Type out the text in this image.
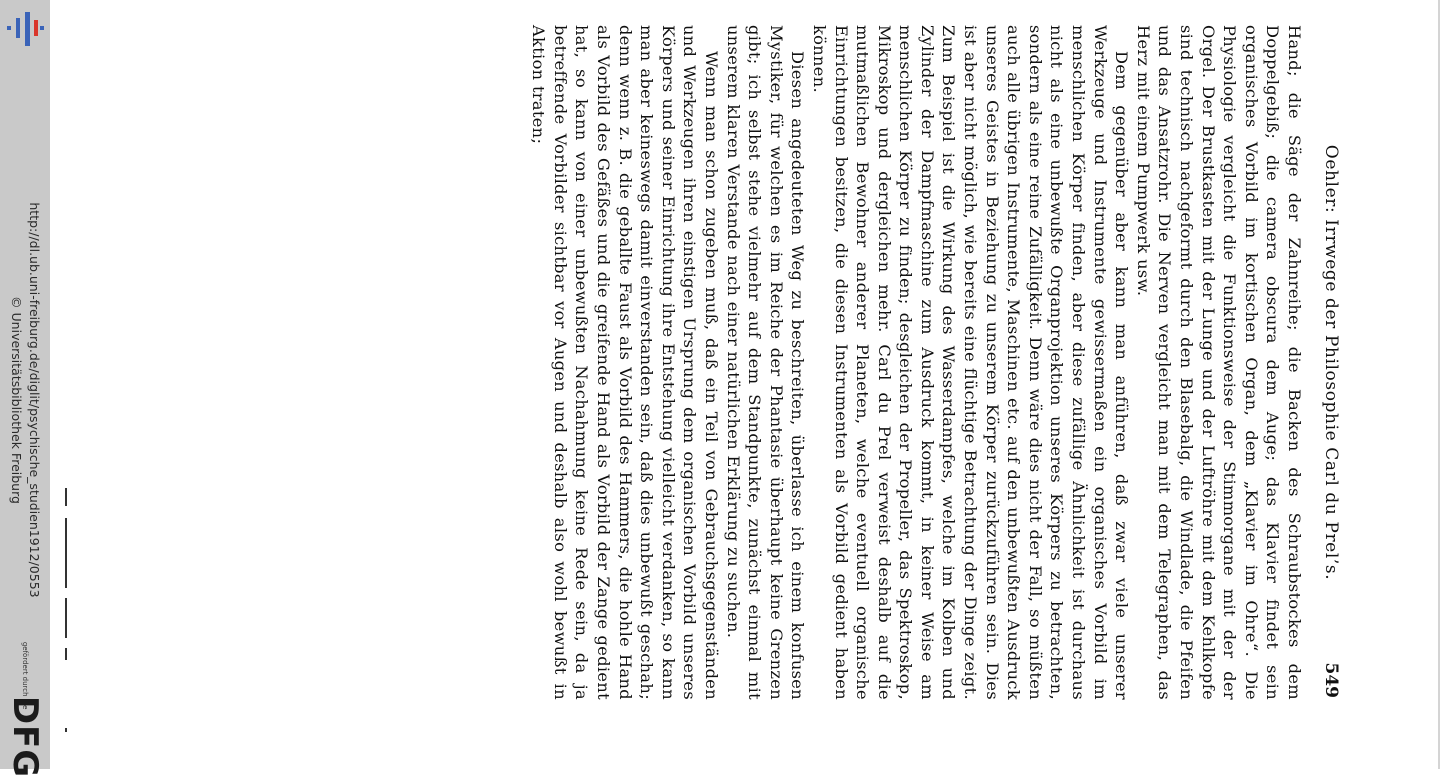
http://dl.ub.uni-freiburg.de/diglit/psychische_studien1912/0553
© Universitätsbibliothek Freiburg
gefördert durch die
DFG
Oehler: Irrwege der Philosophie Carl du Prel’s.
549

Hand; die Säge der Zahnreihe; die Backen des Schraubstockes dem Doppelgebiß; die camera obscura dem Auge; das Klavier findet sein organisches Vorbild im kortischen Organ, dem „Klavier im Ohre“. Die Physiologie vergleicht die Funktionsweise der Stimmorgane mit der der Orgel. Der Brustkasten mit der Lunge und der Luftröhre mit dem Kehlkopfe sind technisch nachgeformt durch den Blasebalg, die Windlade, die Pfeifen und das Ansatzrohr. Die Nerven vergleicht man mit dem Telegraphen, das Herz mit einem Pumpwerk usw.

Dem gegenüber aber kann man anführen, daß zwar viele unserer Werkzeuge und Instrumente gewissermaßen ein organisches Vorbild im menschlichen Körper finden, aber diese zufällige Ähnlichkeit ist durchaus nicht als eine unbewußte Organprojektion unseres Körpers zu betrachten, sondern als eine reine Zufälligkeit. Denn wäre dies nicht der Fall, so müßten auch alle übrigen Instrumente, Maschinen etc. auf den unbewußten Ausdruck unseres Geistes in Beziehung zu unserem Körper zurückzuführen sein. Dies ist aber nicht möglich, wie bereits eine flüchtige Betrachtung der Dinge zeigt. Zum Beispiel ist die Wirkung des Wasserdampfes, welche im Kolben und Zylinder der Dampfmaschine zum Ausdruck kommt, in keiner Weise am menschlichen Körper zu finden; desgleichen der Propeller, das Spektroskop, Mikroskop und dergleichen mehr. Carl du Prel verweist deshalb auf die mutmaßlichen Bewohner anderer Planeten, welche eventuell organische Einrichtungen besitzen, die diesen Instrumenten als Vorbild gedient haben können.

Diesen angedeuteten Weg zu beschreiten, überlasse ich einem konfusen Mystiker, für welchen es im Reiche der Phantasie überhaupt keine Grenzen gibt; ich selbst stehe vielmehr auf dem Standpunkte, zunächst einmal mit unserem klaren Verstande nach einer natürlichen Erklärung zu suchen.

Wenn man schon zugeben muß, daß ein Teil von Gebrauchsgegenständen und Werkzeugen ihren einstigen Ursprung dem organischen Vorbild unseres Körpers und seiner Einrichtung ihre Entstehung vielleicht verdanken, so kann man aber keineswegs damit einverstanden sein, daß dies unbewußt geschah; denn wenn z. B. die geballte Faust als Vorbild des Hammers, die hohle Hand als Vorbild des Gefäßes und die greifende Hand als Vorbild der Zange gedient hat, so kann von einer unbewußten Nachahmung keine Rede sein, da ja betreffende Vorbilder sichtbar vor Augen und deshalb also wohl bewußt in Aktion traten;
